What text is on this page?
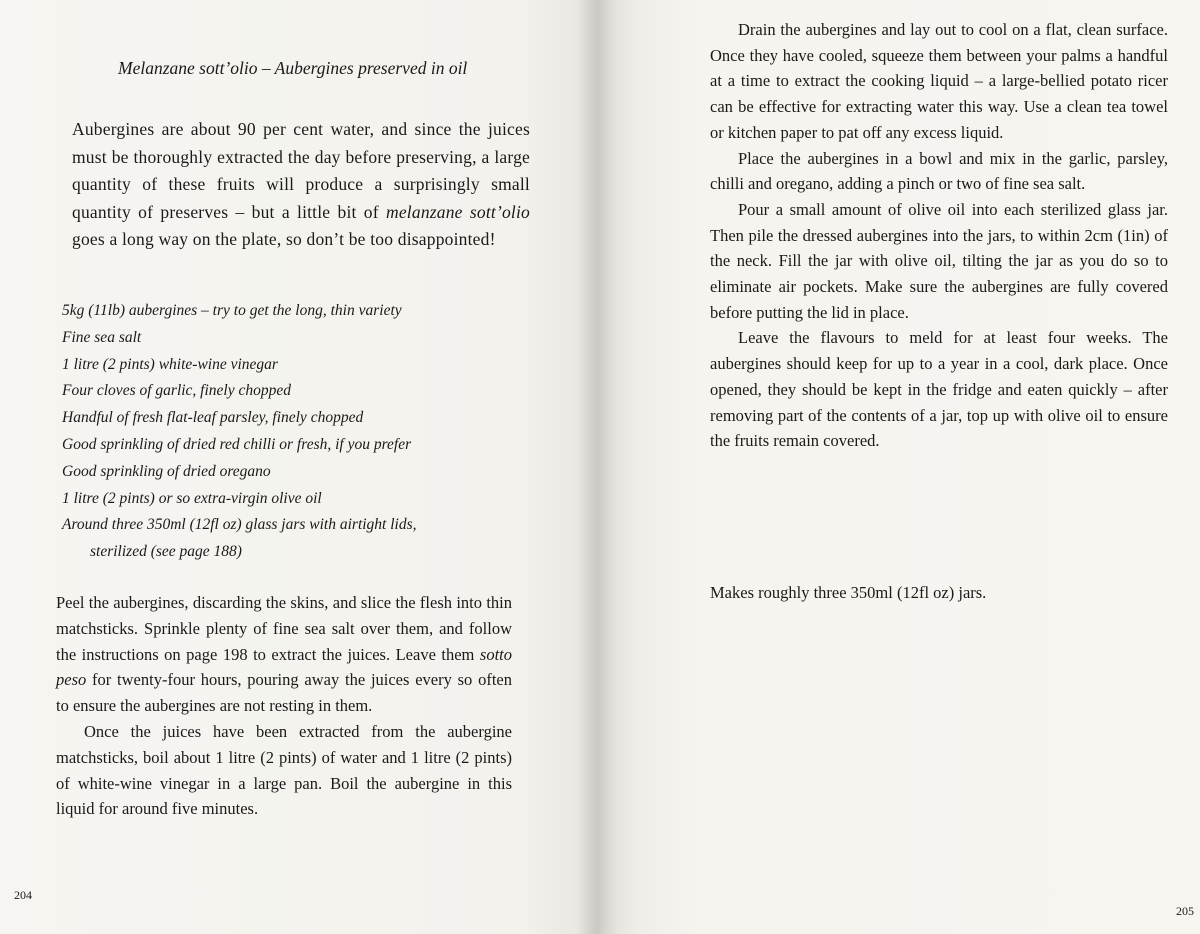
Melanzane sott’olio – Aubergines preserved in oil

Aubergines are about 90 per cent water, and since the juices must be thoroughly extracted the day before preserving, a large quantity of these fruits will produce a surprisingly small quantity of preserves – but a little bit of melanzane sott’olio goes a long way on the plate, so don’t be too disappointed!

5kg (11lb) aubergines – try to get the long, thin variety
Fine sea salt
1 litre (2 pints) white-wine vinegar
Four cloves of garlic, finely chopped
Handful of fresh flat-leaf parsley, finely chopped
Good sprinkling of dried red chilli or fresh, if you prefer
Good sprinkling of dried oregano
1 litre (2 pints) or so extra-virgin olive oil
Around three 350ml (12fl oz) glass jars with airtight lids,
sterilized (see page 188)

Peel the aubergines, discarding the skins, and slice the flesh into thin matchsticks. Sprinkle plenty of fine sea salt over them, and follow the instructions on page 198 to extract the juices. Leave them sotto peso for twenty-four hours, pouring away the juices every so often to ensure the aubergines are not resting in them.

Once the juices have been extracted from the aubergine matchsticks, boil about 1 litre (2 pints) of water and 1 litre (2 pints) of white-wine vinegar in a large pan. Boil the aubergine in this liquid for around five minutes.

204

Drain the aubergines and lay out to cool on a flat, clean surface. Once they have cooled, squeeze them between your palms a handful at a time to extract the cooking liquid – a large-bellied potato ricer can be effective for extracting water this way. Use a clean tea towel or kitchen paper to pat off any excess liquid.

Place the aubergines in a bowl and mix in the garlic, parsley, chilli and oregano, adding a pinch or two of fine sea salt.

Pour a small amount of olive oil into each sterilized glass jar. Then pile the dressed aubergines into the jars, to within 2cm (1in) of the neck. Fill the jar with olive oil, tilting the jar as you do so to eliminate air pockets. Make sure the aubergines are fully covered before putting the lid in place.

Leave the flavours to meld for at least four weeks. The aubergines should keep for up to a year in a cool, dark place. Once opened, they should be kept in the fridge and eaten quickly – after removing part of the contents of a jar, top up with olive oil to ensure the fruits remain covered.

Makes roughly three 350ml (12fl oz) jars.

205
